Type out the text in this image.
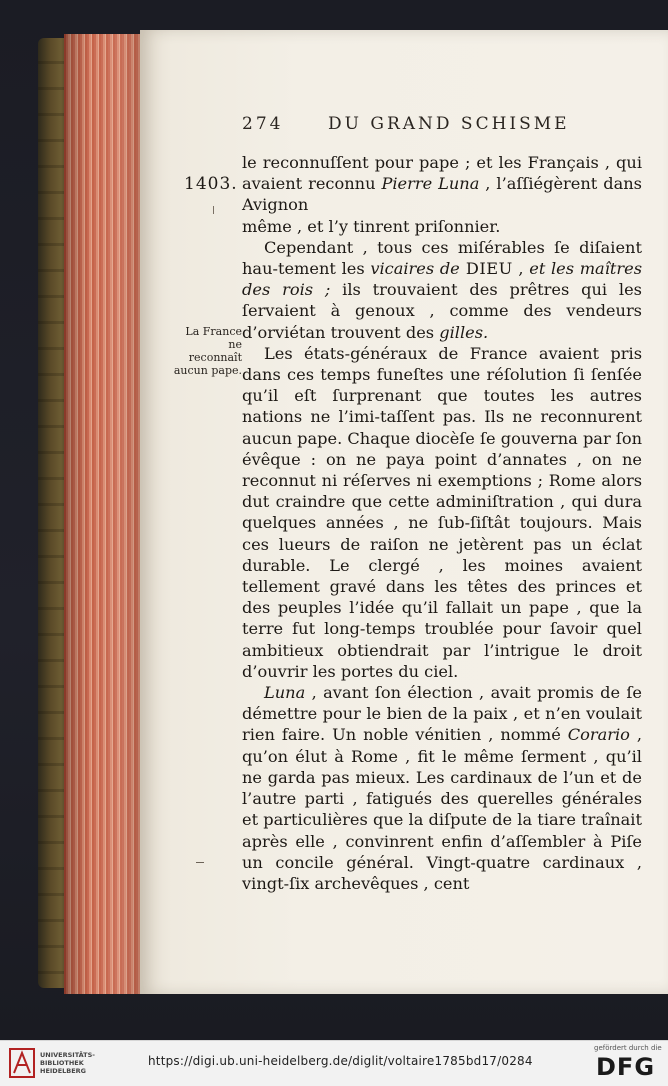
274	DU GRAND SCHISME
1403.
La France
ne reconnaît
aucun pape.

le reconnuſſent pour pape ; et les Français , qui avaient reconnu Pierre Luna , l’aſſiégèrent dans Avignon

même , et l’y tinrent priſonnier.

Cependant , tous ces miſérables ſe diſaient hau-tement les vicaires de DIEU , et les maîtres des rois ; ils trouvaient des prêtres qui les ſervaient à genoux , comme des vendeurs d’orviétan trouvent des gilles.

Les états-généraux de France avaient pris dans ces temps funeſtes une réſolution ſi ſenſée qu’il eſt ſurprenant que toutes les autres nations ne l’imi-taſſent pas. Ils ne reconnurent aucun pape. Chaque diocèſe ſe gouverna par ſon évêque : on ne paya point d’annates , on ne reconnut ni réſerves ni exemptions ; Rome alors dut craindre que cette adminiſtration , qui dura quelques années , ne ſub-ſiſtât toujours. Mais ces lueurs de raiſon ne jetèrent pas un éclat durable. Le clergé , les moines avaient tellement gravé dans les têtes des princes et des peuples l’idée qu’il fallait un pape , que la terre fut long-temps troublée pour ſavoir quel ambitieux obtiendrait par l’intrigue le droit d’ouvrir les portes du ciel.

Luna , avant ſon élection , avait promis de ſe démettre pour le bien de la paix , et n’en voulait rien faire. Un noble vénitien , nommé Corario , qu’on élut à Rome , fit le même ſerment , qu’il ne garda pas mieux. Les cardinaux de l’un et de l’autre parti , fatigués des querelles générales et particulières que la diſpute de la tiare traînait après elle , convinrent enfin d’aſſembler à Piſe un concile général. Vingt-quatre cardinaux , vingt-ſix archevêques , cent

UNIVERSITÄTS-
BIBLIOTHEK
HEIDELBERG
https://digi.ub.uni-heidelberg.de/diglit/voltaire1785bd17/0284
gefördert durch die
DFG
